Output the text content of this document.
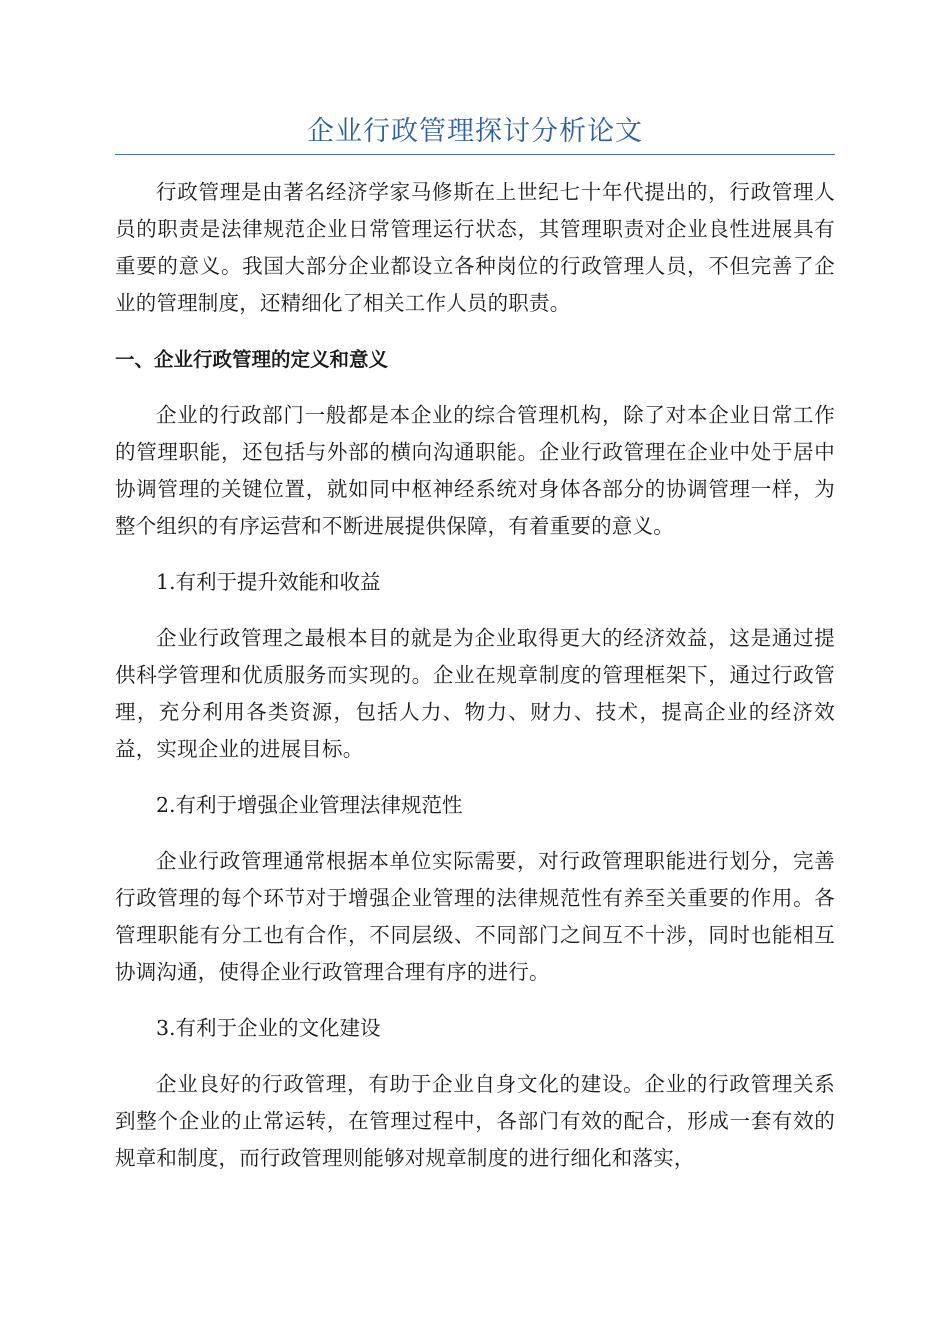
企业行政管理探讨分析论文

行政管理是由著名经济学家马修斯在上世纪七十年代提出的，行政管理人员的职责是法律规范企业日常管理运行状态，其管理职责对企业良性进展具有重要的意义。我国大部分企业都设立各种岗位的行政管理人员，不但完善了企业的管理制度，还精细化了相关工作人员的职责。

一、企业行政管理的定义和意义

企业的行政部门一般都是本企业的综合管理机构，除了对本企业日常工作的管理职能，还包括与外部的横向沟通职能。企业行政管理在企业中处于居中协调管理的关键位置，就如同中枢神经系统对身体各部分的协调管理一样，为整个组织的有序运营和不断进展提供保障，有着重要的意义。

1.有利于提升效能和收益

企业行政管理之最根本目的就是为企业取得更大的经济效益，这是通过提供科学管理和优质服务而实现的。企业在规章制度的管理框架下，通过行政管理，充分利用各类资源，包括人力、物力、财力、技术，提高企业的经济效益，实现企业的进展目标。

2.有利于增强企业管理法律规范性

企业行政管理通常根据本单位实际需要，对行政管理职能进行划分，完善行政管理的每个环节对于增强企业管理的法律规范性有养至关重要的作用。各管理职能有分工也有合作，不同层级、不同部门之间互不十涉，同时也能相互协调沟通，使得企业行政管理合理有序的进行。

3.有利于企业的文化建设

企业良好的行政管理，有助于企业自身文化的建设。企业的行政管理关系到整个企业的止常运转，在管理过程中，各部门有效的配合，形成一套有效的规章和制度，而行政管理则能够对规章制度的进行细化和落实，
